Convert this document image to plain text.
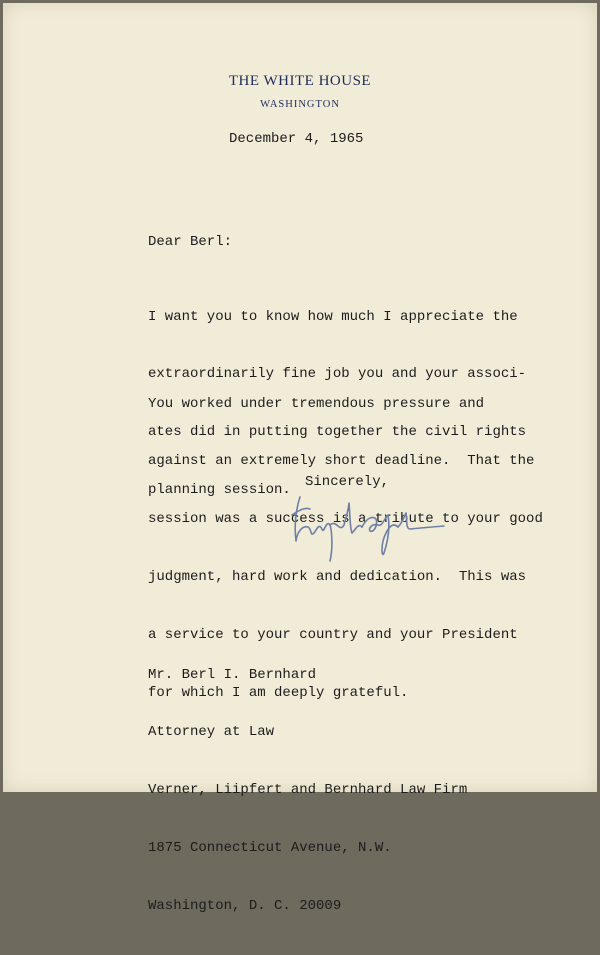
THE WHITE HOUSE
WASHINGTON
December 4, 1965
Dear Berl:

I want you to know how much I appreciate the

extraordinarily fine job you and your associ-

ates did in putting together the civil rights

planning session.

You worked under tremendous pressure and

against an extremely short deadline.  That the

session was a success is a tribute to your good

judgment, hard work and dedication.  This was

a service to your country and your President

for which I am deeply grateful.

Sincerely,

Mr. Berl I. Bernhard

Attorney at Law

Verner, Liipfert and Bernhard Law Firm

1875 Connecticut Avenue, N.W.

Washington, D. C. 20009
